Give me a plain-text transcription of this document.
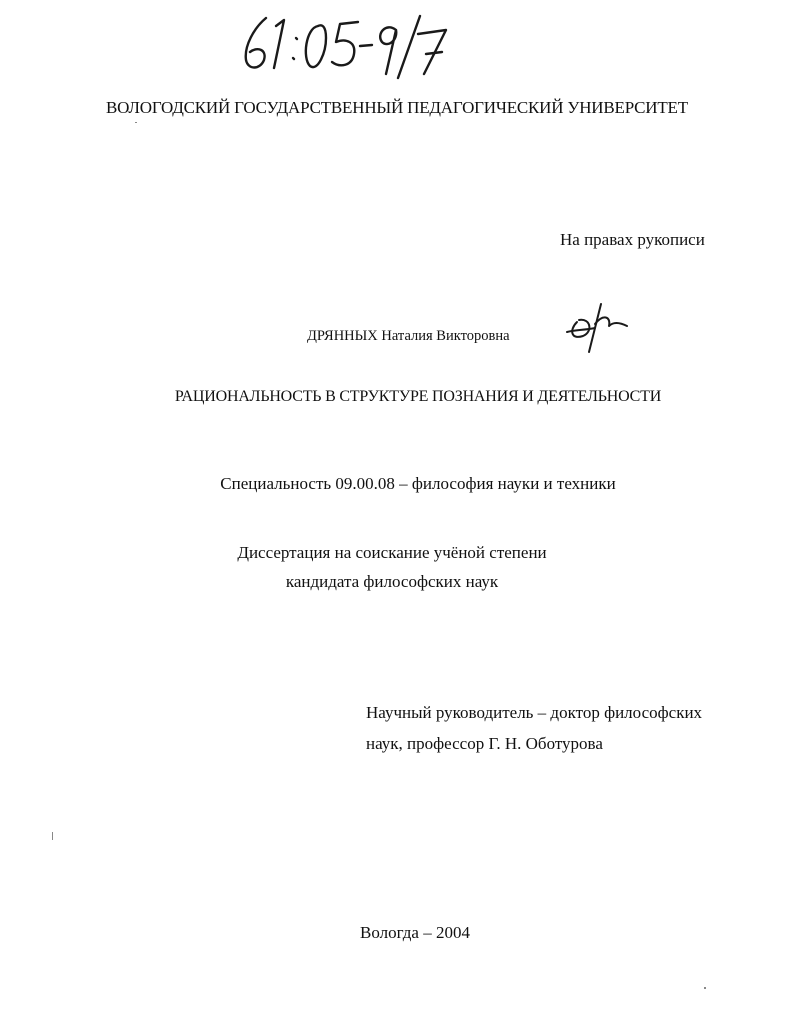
ВОЛОГОДСКИЙ ГОСУДАРСТВЕННЫЙ ПЕДАГОГИЧЕСКИЙ УНИВЕРСИТЕТ

На правах рукописи

ДРЯННЫХ Наталия Викторовна

РАЦИОНАЛЬНОСТЬ В СТРУКТУРЕ ПОЗНАНИЯ И ДЕЯТЕЛЬНОСТИ

Специальность 09.00.08 – философия науки и техники

Диссертация на соискание учёной степени
кандидата философских наук
Научный руководитель – доктор философских
наук, профессор Г. Н. Оботурова

Вологда – 2004
